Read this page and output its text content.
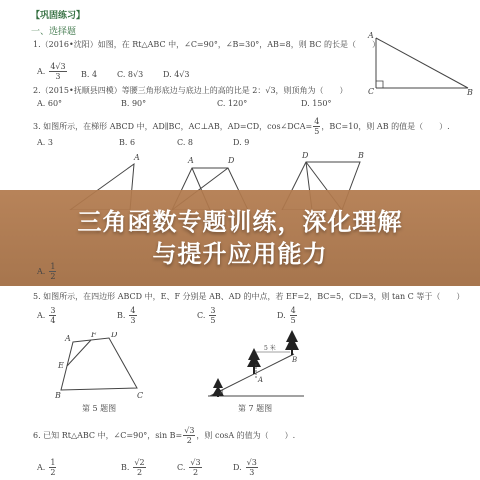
【巩固练习】
一、选择题
1.（2016•沈阳）如图，在 Rt△ABC 中，∠C=90°，∠B=30°，AB=8，则 BC 的长是（　　）
A. $\frac{4√3}{3} B$. 4	C. 8√3	D. 4√3
A
C	B
2.（2015•抚顺县四模）等腰三角形底边与底边上的高的比是 2：√3，则顶角为（　　）
A. 60°	B. 90°	C. 120°	D. 150°
3. 如图所示，在梯形 ABCD 中，AD∥BC，AC⊥AB，AD=CD，cos∠DCA= $\frac{4}{5}$ ，BC=10，则 AB 的值是（　　）.
A. 3	B. 6	C. 8	D. 9
A	A	D
D	B
三角函数专题训练，深化理解
与提升应用能力
A. $\frac{1}{2}$
5. 如图所示，在四边形 ABCD 中，E、F 分别是 AB、AD 的中点，若 EF=2，BC=5，CD=3，则 tan C 等于（　　）
A. $\frac{3}{4}$	B. $\frac{4}{3}$	C. $\frac{3}{5}$	D. $\frac{4}{5}$
A	F D
E
B	C
第 5 题图
5 米
a
A
B
第 7 题图
6. 已知 Rt△ABC 中，∠C=90°，$\sin B= \frac{√3}{2}$ ，则 cosA 的值为（　　）.
A. $\frac{1}{2}$	B. $\frac{√2}{2}$	C. $\frac{√3}{2}$	D. $\frac{√3}{3}$
